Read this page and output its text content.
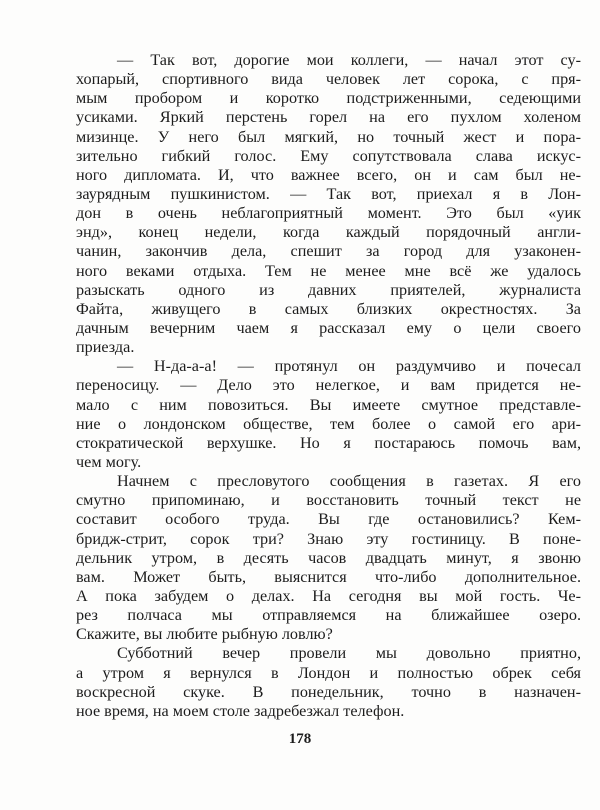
— Так вот, дорогие мои коллеги, — начал этот су-
хопарый, спортивного вида человек лет сорока, с пря-
мым пробором и коротко подстриженными, седеющими
усиками. Яркий перстень горел на его пухлом холеном
мизинце. У него был мягкий, но точный жест и пора-
зительно гибкий голос. Ему сопутствовала слава искус-
ного дипломата. И, что важнее всего, он и сам был не-
заурядным пушкинистом. — Так вот, приехал я в Лон-
дон в очень неблагоприятный момент. Это был «уик
энд», конец недели, когда каждый порядочный англи-
чанин, закончив дела, спешит за город для узаконен-
ного веками отдыха. Тем не менее мне всё же удалось
разыскать одного из давних приятелей, журналиста
Файта, живущего в самых близких окрестностях. За
дачным вечерним чаем я рассказал ему о цели своего
приезда.
— Н-да-а-а! — протянул он раздумчиво и почесал
переносицу. — Дело это нелегкое, и вам придется не-
мало с ним повозиться. Вы имеете смутное представле-
ние о лондонском обществе, тем более о самой его ари-
стократической верхушке. Но я постараюсь помочь вам,
чем могу.
Начнем с пресловутого сообщения в газетах. Я его
смутно припоминаю, и восстановить точный текст не
составит особого труда. Вы где остановились? Кем-
бридж-стрит, сорок три? Знаю эту гостиницу. В поне-
дельник утром, в десять часов двадцать минут, я звоню
вам. Может быть, выяснится что-либо дополнительное.
А пока забудем о делах. На сегодня вы мой гость. Че-
рез полчаса мы отправляемся на ближайшее озеро.
Скажите, вы любите рыбную ловлю?
Субботний вечер провели мы довольно приятно,
а утром я вернулся в Лондон и полностью обрек себя
воскресной скуке. В понедельник, точно в назначен-
ное время, на моем столе задребезжал телефон.
178
